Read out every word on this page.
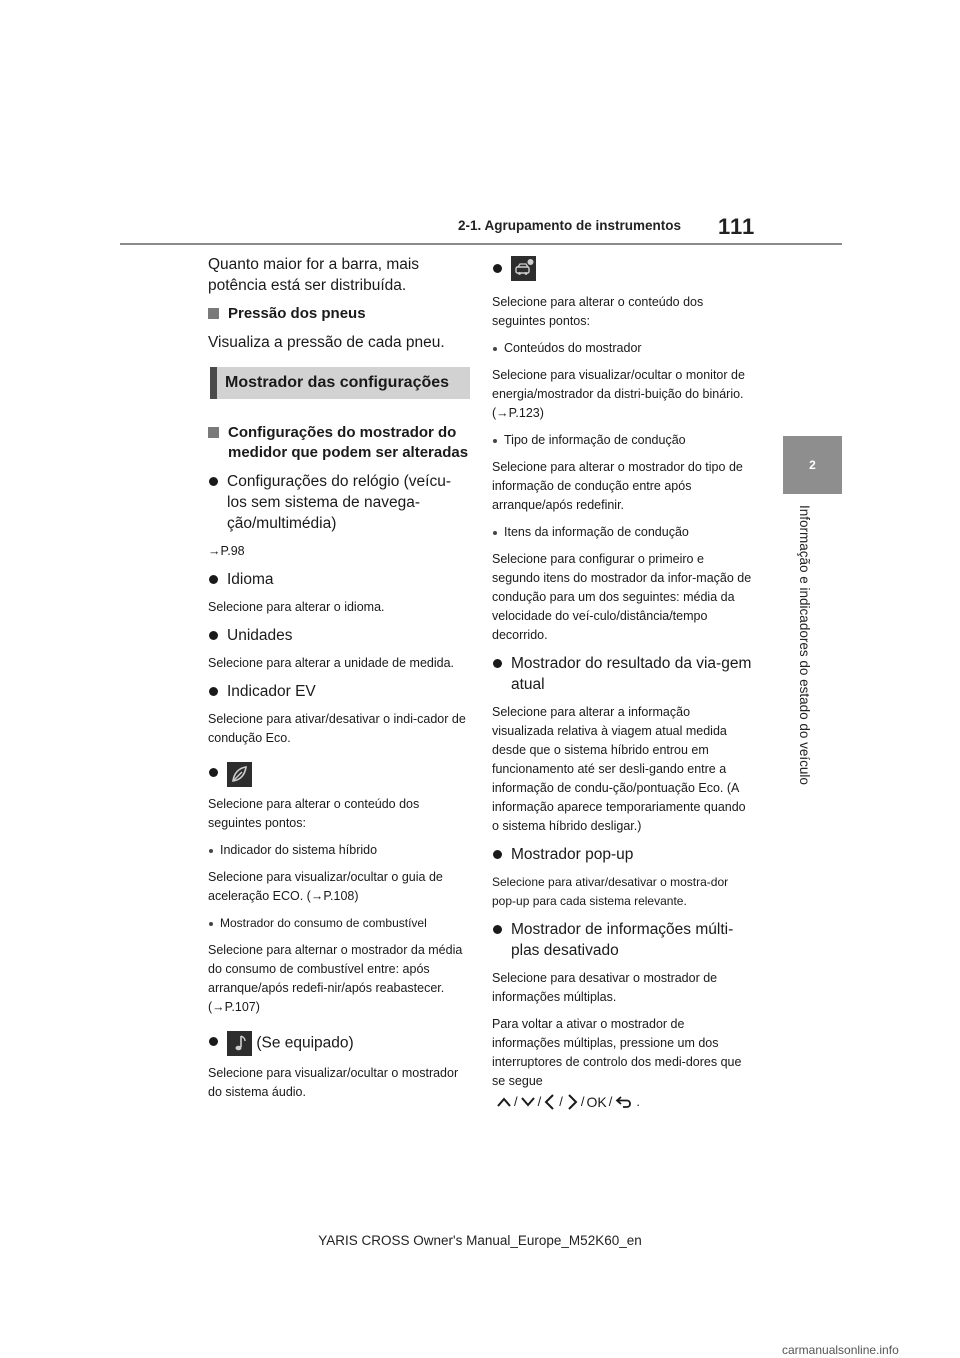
2-1. Agrupamento de instrumentos 111
2
Informação e indicadores do estado do veículo

Quanto maior for a barra, mais potência está ser distribuída.

Pressão dos pneus

Visualiza a pressão de cada pneu.

Mostrador das configurações
Configurações do mostrador do medidor que podem ser alteradas
Configurações do relógio (veícu-los sem sistema de navega-ção/multimédia)

→P.98

Idioma

Selecione para alterar o idioma.

Unidades

Selecione para alterar a unidade de medida.

Indicador EV

Selecione para ativar/desativar o indi-cador de condução Eco.

Selecione para alterar o conteúdo dos seguintes pontos:

Indicador do sistema híbrido

Selecione para visualizar/ocultar o guia de aceleração ECO. (→P.108)

Mostrador do consumo de combustível

Selecione para alternar o mostrador da média do consumo de combustível entre: após arranque/após redefi-nir/após reabastecer. (→P.107)

(Se equipado)

Selecione para visualizar/ocultar o mostrador do sistema áudio.

Selecione para alterar o conteúdo dos seguintes pontos:

Conteúdos do mostrador

Selecione para visualizar/ocultar o monitor de energia/mostrador da distri-buição do binário. (→P.123)

Tipo de informação de condução

Selecione para alterar o mostrador do tipo de informação de condução entre após arranque/após redefinir.

Itens da informação de condução

Selecione para configurar o primeiro e segundo itens do mostrador da infor-mação de condução para um dos seguintes: média da velocidade do veí-culo/distância/tempo decorrido.

Mostrador do resultado da via-gem atual

Selecione para alterar a informação visualizada relativa à viagem atual medida desde que o sistema híbrido entrou em funcionamento até ser desli-gando entre a informação de condu-ção/pontuação Eco. (A informação aparece temporariamente quando o sistema híbrido desligar.)

Mostrador pop-up

Selecione para ativar/desativar o mostra-dor pop-up para cada sistema relevante.

Mostrador de informações múlti-plas desativado

Selecione para desativar o mostrador de informações múltiplas.

Para voltar a ativar o mostrador de informações múltiplas, pressione um dos interruptores de controlo dos medi-dores que se segue

/ / / / OK / .
YARIS CROSS Owner's Manual_Europe_M52K60_en
carmanualsonline.info
